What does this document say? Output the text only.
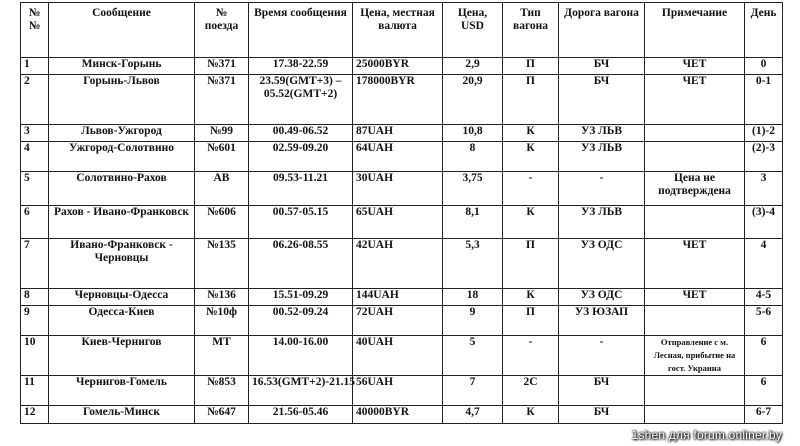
№ №	Сообщение	№ поезда	Время сообщения	Цена, местная валюта	Цена, USD	Тип вагона	Дорога вагона	Примечание	День
1	Минск-Горынь	№371	17.38-22.59	25000BYR	2,9	П	БЧ	ЧЕТ	0
2	Горынь-Львов	№371	23.59(GMT+3) – 05.52(GMT+2)	178000BYR	20,9	П	БЧ	ЧЕТ	0-1
3	Львов-Ужгород	№99	00.49-06.52	87UAH	10,8	К	УЗ ЛЬВ		(1)-2
4	Ужгород-Солотвино	№601	02.59-09.20	64UAH	8	К	УЗ ЛЬВ		(2)-3
5	Солотвино-Рахов	АВ	09.53-11.21	30UAH	3,75	-	-	Цена не подтверждена	3
6	Рахов - Ивано-Франковск	№606	00.57-05.15	65UAH	8,1	К	УЗ ЛЬВ		(3)-4
7	Ивано-Франковск - Черновцы	№135	06.26-08.55	42UAH	5,3	П	УЗ ОДС	ЧЕТ	4
8	Черновцы-Одесса	№136	15.51-09.29	144UAH	18	К	УЗ ОДС	ЧЕТ	4-5
9	Одесса-Киев	№10ф	00.52-09.24	72UAH	9	П	УЗ ЮЗАП		5-6
10	Киев-Чернигов	МТ	14.00-16.00	40UAH	5	-	-	Отправление с м. Лесная, прибытие на гост. Украина	6
11	Чернигов-Гомель	№853	16.53(GMT+2)-21.15	56UAH	7	2С	БЧ		6
12	Гомель-Минск	№647	21.56-05.46	40000BYR	4,7	К	БЧ		6-7
1shen для forum.onliner.by
